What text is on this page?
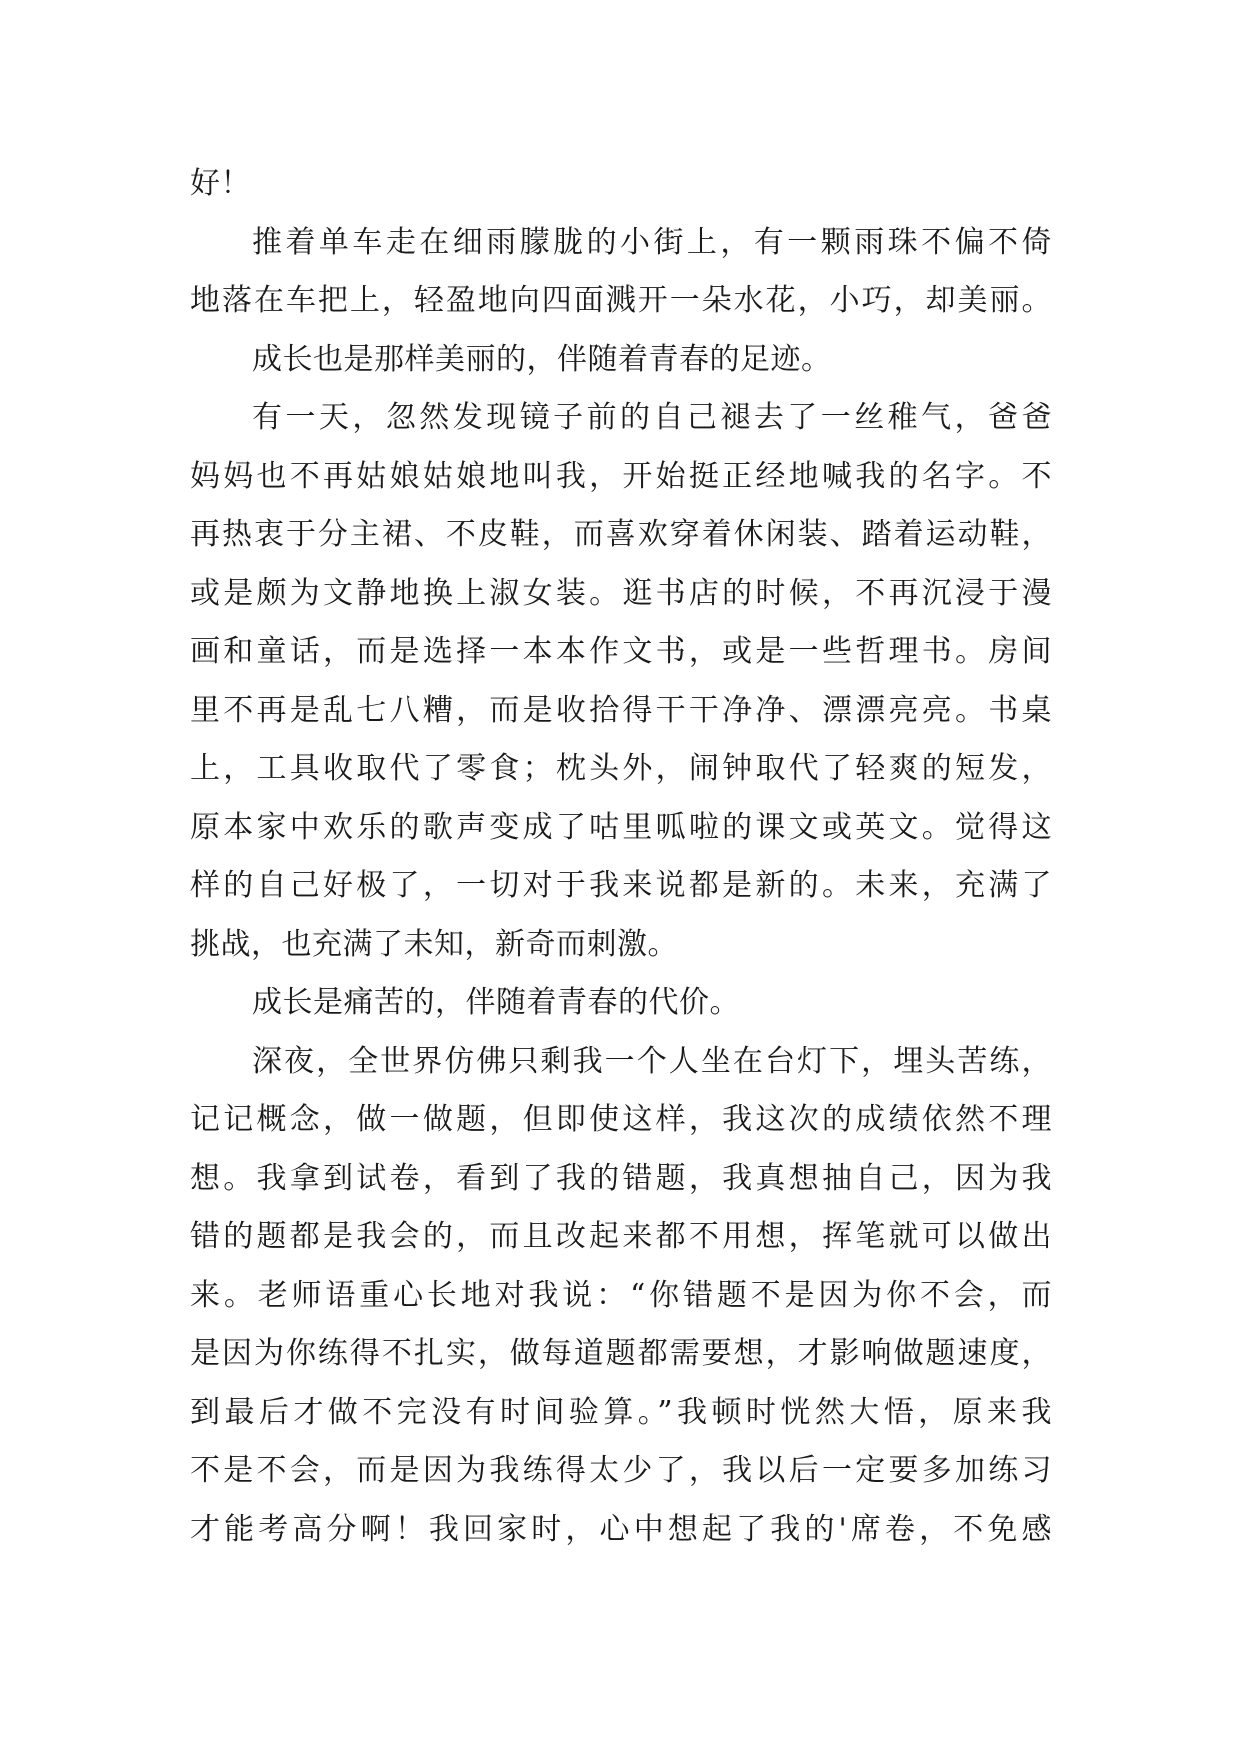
好！
推着单车走在细雨朦胧的小街上，有一颗雨珠不偏不倚
地落在车把上，轻盈地向四面溅开一朵水花，小巧，却美丽。
成长也是那样美丽的，伴随着青春的足迹。
有一天，忽然发现镜子前的自己褪去了一丝稚气，爸爸
妈妈也不再姑娘姑娘地叫我，开始挺正经地喊我的名字。不
再热衷于分主裙、不皮鞋，而喜欢穿着休闲装、踏着运动鞋，
或是颇为文静地换上淑女装。逛书店的时候，不再沉浸于漫
画和童话，而是选择一本本作文书，或是一些哲理书。房间
里不再是乱七八糟，而是收拾得干干净净、漂漂亮亮。书桌
上，工具收取代了零食；枕头外，闹钟取代了轻爽的短发，
原本家中欢乐的歌声变成了咕里呱啦的课文或英文。觉得这
样的自己好极了，一切对于我来说都是新的。未来，充满了
挑战，也充满了未知，新奇而刺激。
成长是痛苦的，伴随着青春的代价。
深夜，全世界仿佛只剩我一个人坐在台灯下，埋头苦练，
记记概念，做一做题，但即使这样，我这次的成绩依然不理
想。我拿到试卷，看到了我的错题，我真想抽自己，因为我
错的题都是我会的，而且改起来都不用想，挥笔就可以做出
来。老师语重心长地对我说：“你错题不是因为你不会，而
是因为你练得不扎实，做每道题都需要想，才影响做题速度，
到最后才做不完没有时间验算。”我顿时恍然大悟，原来我
不是不会，而是因为我练得太少了，我以后一定要多加练习
才能考高分啊！我回家时，心中想起了我的'席卷，不免感
